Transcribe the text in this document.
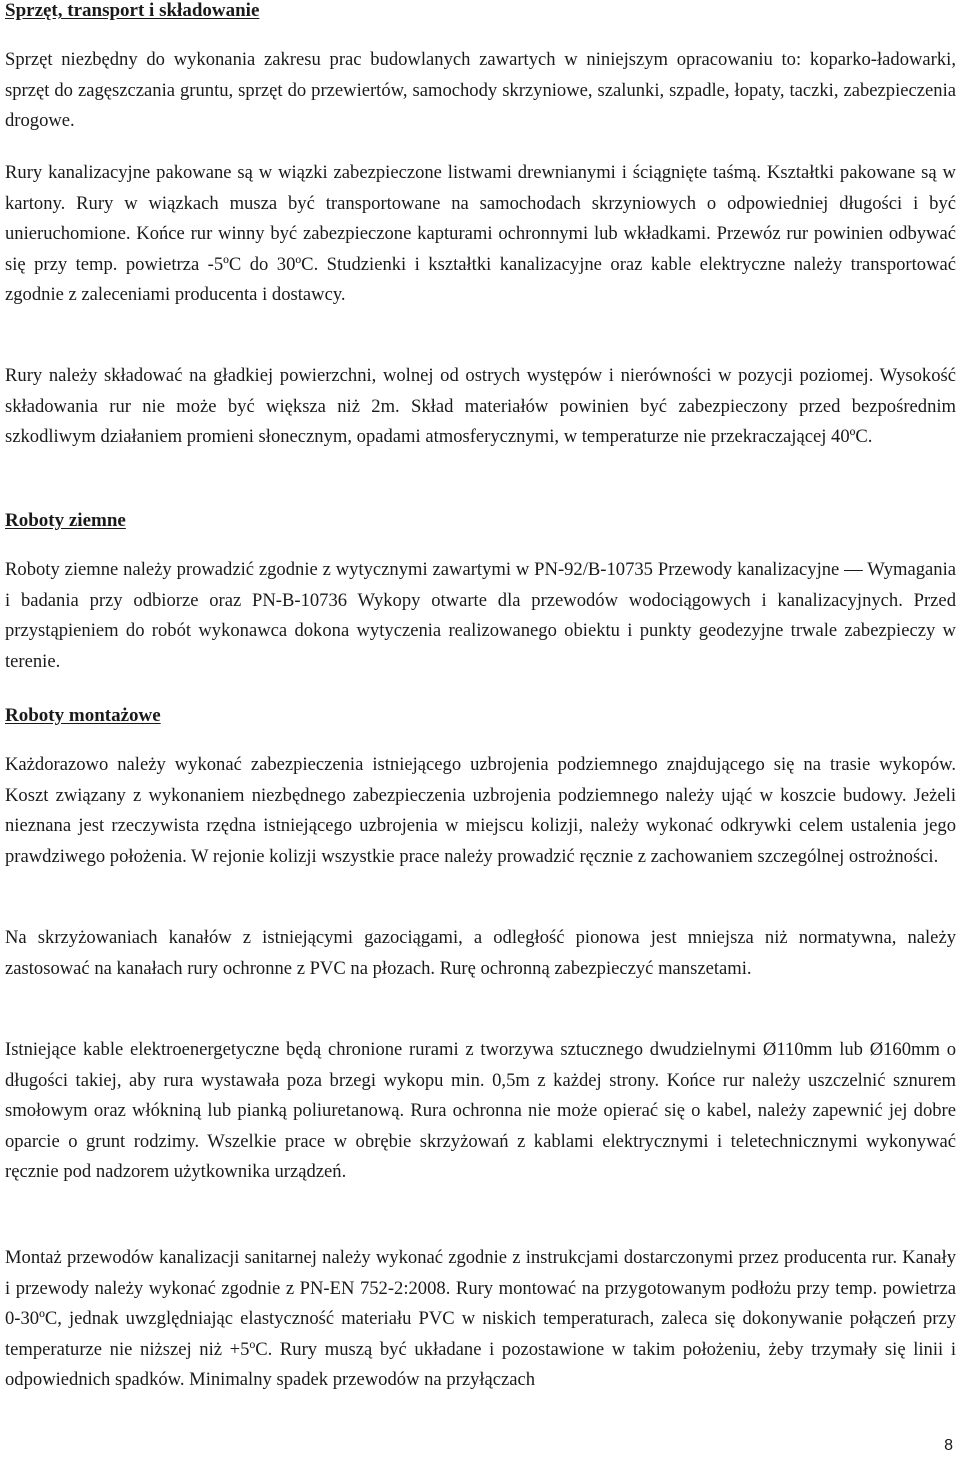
Sprzęt, transport i składowanie

Sprzęt niezbędny do wykonania zakresu prac budowlanych zawartych w niniejszym opracowaniu to: koparko-ładowarki, sprzęt do zagęszczania gruntu, sprzęt do przewiertów, samochody skrzyniowe, szalunki, szpadle, łopaty, taczki, zabezpieczenia drogowe.

Rury kanalizacyjne pakowane są w wiązki zabezpieczone listwami drewnianymi i ściągnięte taśmą. Kształtki pakowane są w kartony. Rury w wiązkach musza być transportowane na samochodach skrzyniowych o odpowiedniej długości i być unieruchomione. Końce rur winny być zabezpieczone kapturami ochronnymi lub wkładkami. Przewóz rur powinien odbywać się przy temp. powietrza -5ºC do 30ºC. Studzienki i kształtki kanalizacyjne oraz kable elektryczne należy transportować zgodnie z zaleceniami producenta i dostawcy.

Rury należy składować na gładkiej powierzchni, wolnej od ostrych występów i nierówności w pozycji poziomej. Wysokość składowania rur nie może być większa niż 2m. Skład materiałów powinien być zabezpieczony przed bezpośrednim szkodliwym działaniem promieni słonecznym, opadami atmosferycznymi, w temperaturze nie przekraczającej 40ºC.

Roboty ziemne

Roboty ziemne należy prowadzić zgodnie z wytycznymi zawartymi w PN-92/B-10735 Przewody kanalizacyjne — Wymagania i badania przy odbiorze oraz PN-B-10736 Wykopy otwarte dla przewodów wodociągowych i kanalizacyjnych. Przed przystąpieniem do robót wykonawca dokona wytyczenia realizowanego obiektu i punkty geodezyjne trwale zabezpieczy w terenie.

Roboty montażowe

Każdorazowo należy wykonać zabezpieczenia istniejącego uzbrojenia podziemnego znajdującego się na trasie wykopów. Koszt związany z wykonaniem niezbędnego zabezpieczenia uzbrojenia podziemnego należy ująć w koszcie budowy. Jeżeli nieznana jest rzeczywista rzędna istniejącego uzbrojenia w miejscu kolizji, należy wykonać odkrywki celem ustalenia jego prawdziwego położenia. W rejonie kolizji wszystkie prace należy prowadzić ręcznie z zachowaniem szczególnej ostrożności.

Na skrzyżowaniach kanałów z istniejącymi gazociągami, a odległość pionowa jest mniejsza niż normatywna, należy zastosować na kanałach rury ochronne z PVC na płozach. Rurę ochronną zabezpieczyć manszetami.

Istniejące kable elektroenergetyczne będą chronione rurami z tworzywa sztucznego dwudzielnymi Ø110mm lub Ø160mm o długości takiej, aby rura wystawała poza brzegi wykopu min. 0,5m z każdej strony. Końce rur należy uszczelnić sznurem smołowym oraz włókniną lub pianką poliuretanową. Rura ochronna nie może opierać się o kabel, należy zapewnić jej dobre oparcie o grunt rodzimy. Wszelkie prace w obrębie skrzyżowań z kablami elektrycznymi i teletechnicznymi wykonywać ręcznie pod nadzorem użytkownika urządzeń.

Montaż przewodów kanalizacji sanitarnej należy wykonać zgodnie z instrukcjami dostarczonymi przez producenta rur. Kanały i przewody należy wykonać zgodnie z PN-EN 752-2:2008. Rury montować na przygotowanym podłożu przy temp. powietrza 0-30ºC, jednak uwzględniając elastyczność materiału PVC w niskich temperaturach, zaleca się dokonywanie połączeń przy temperaturze nie niższej niż +5ºC. Rury muszą być układane i pozostawione w takim położeniu, żeby trzymały się linii i odpowiednich spadków. Minimalny spadek przewodów na przyłączach

8
